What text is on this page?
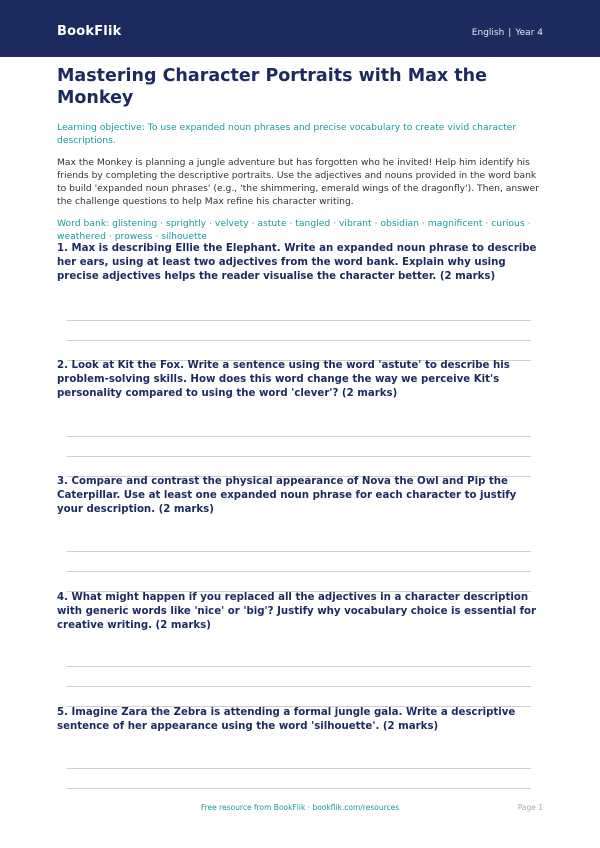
BookFlik	English | Year 4
Mastering Character Portraits with Max the Monkey
Learning objective: To use expanded noun phrases and precise vocabulary to create vivid character descriptions.
Max the Monkey is planning a jungle adventure but has forgotten who he invited! Help him identify his friends by completing the descriptive portraits. Use the adjectives and nouns provided in the word bank to build 'expanded noun phrases' (e.g., 'the shimmering, emerald wings of the dragonfly'). Then, answer the challenge questions to help Max refine his character writing.
Word bank: glistening · sprightly · velvety · astute · tangled · vibrant · obsidian · magnificent · curious · weathered · prowess · silhouette
1. Max is describing Ellie the Elephant. Write an expanded noun phrase to describe her ears, using at least two adjectives from the word bank. Explain why using precise adjectives helps the reader visualise the character better. (2 marks)
2. Look at Kit the Fox. Write a sentence using the word 'astute' to describe his problem-solving skills. How does this word change the way we perceive Kit's personality compared to using the word 'clever'? (2 marks)
3. Compare and contrast the physical appearance of Nova the Owl and Pip the Caterpillar. Use at least one expanded noun phrase for each character to justify your description. (2 marks)
4. What might happen if you replaced all the adjectives in a character description with generic words like 'nice' or 'big'? Justify why vocabulary choice is essential for creative writing. (2 marks)
5. Imagine Zara the Zebra is attending a formal jungle gala. Write a descriptive sentence of her appearance using the word 'silhouette'. (2 marks)
Free resource from BookFlik · bookflik.com/resources	Page 1
